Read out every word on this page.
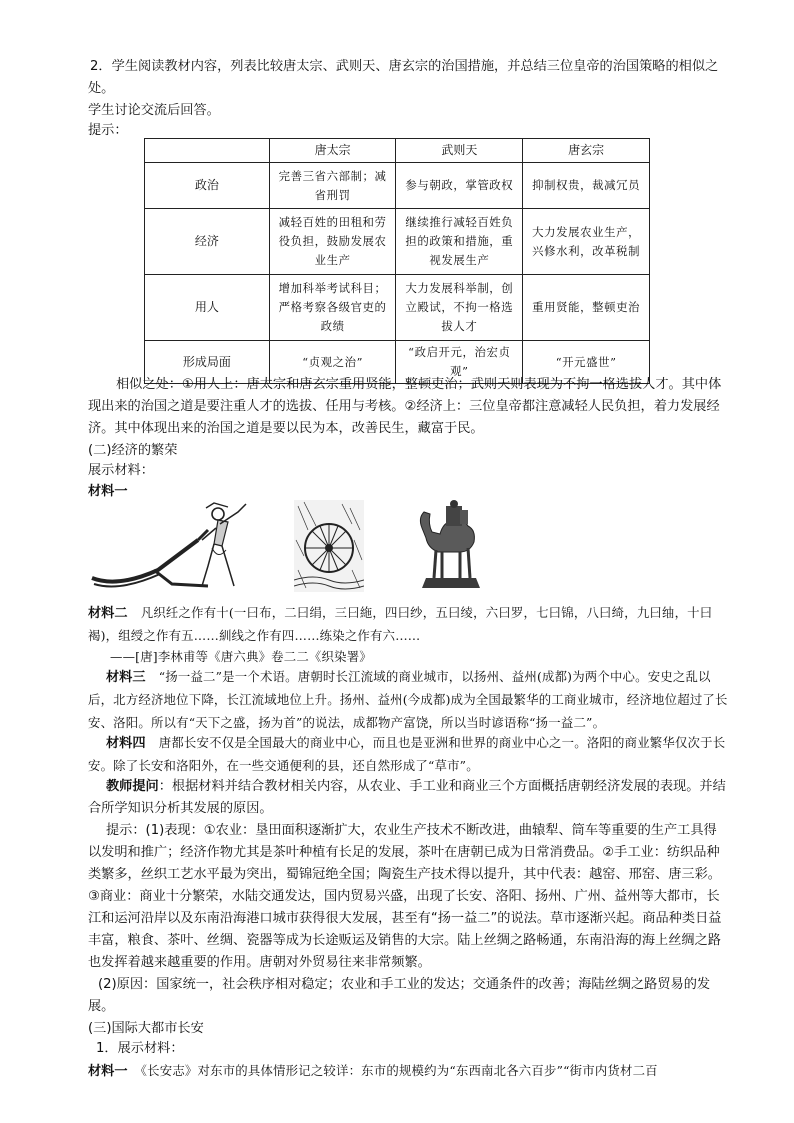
2．学生阅读教材内容，列表比较唐太宗、武则天、唐玄宗的治国措施，并总结三位皇帝的治国策略的相似之处。

学生讨论交流后回答。

提示：

	唐太宗	武则天	唐玄宗
政治	完善三省六部制；减省刑罚	参与朝政，掌管政权	抑制权贵，裁减冗员
经济	减轻百姓的田租和劳役负担，鼓励发展农业生产	继续推行减轻百姓负担的政策和措施，重视发展生产	大力发展农业生产，兴修水利，改革税制
用人	增加科举考试科目；严格考察各级官吏的政绩	大力发展科举制，创立殿试，不拘一格选拔人才	重用贤能，整顿吏治
形成局面	“贞观之治”	“政启开元，治宏贞观”	“开元盛世”

相似之处：①用人上：唐太宗和唐玄宗重用贤能，整顿吏治；武则天则表现为不拘一格选拔人才。其中体现出来的治国之道是要注重人才的选拔、任用与考核。②经济上：三位皇帝都注意减轻人民负担，着力发展经济。其中体现出来的治国之道是要以民为本，改善民生，藏富于民。

(二)经济的繁荣

展示材料：

材料一

材料二　 凡织纴之作有十(一曰布，二曰绢，三曰絁，四曰纱，五曰绫，六曰罗，七曰锦，八曰绮，九曰䌷，十曰褐)，组绶之作有五……紃线之作有四……练染之作有六……

——[唐]李林甫等《唐六典》卷二二《织染署》

材料三　 “扬一益二”是一个术语。唐朝时长江流域的商业城市，以扬州、益州(成都)为两个中心。安史之乱以后，北方经济地位下降，长江流域地位上升。扬州、益州(今成都)成为全国最繁华的工商业城市，经济地位超过了长安、洛阳。所以有“天下之盛，扬为首”的说法，成都物产富饶，所以当时谚语称“扬一益二”。

材料四　 唐都长安不仅是全国最大的商业中心，而且也是亚洲和世界的商业中心之一。洛阳的商业繁华仅次于长安。除了长安和洛阳外，在一些交通便利的县，还自然形成了“草市”。

教师提问：根据材料并结合教材相关内容，从农业、手工业和商业三个方面概括唐朝经济发展的表现。并结合所学知识分析其发展的原因。

提示：(1)表现：①农业：垦田面积逐渐扩大，农业生产技术不断改进，曲辕犁、筒车等重要的生产工具得以发明和推广；经济作物尤其是茶叶种植有长足的发展，茶叶在唐朝已成为日常消费品。②手工业：纺织品种类繁多，丝织工艺水平最为突出，蜀锦冠绝全国；陶瓷生产技术得以提升，其中代表：越窑、邢窑、唐三彩。③商业：商业十分繁荣，水陆交通发达，国内贸易兴盛，出现了长安、洛阳、扬州、广州、益州等大都市，长江和运河沿岸以及东南沿海港口城市获得很大发展，甚至有“扬一益二”的说法。草市逐渐兴起。商品种类日益丰富，粮食、茶叶、丝绸、瓷器等成为长途贩运及销售的大宗。陆上丝绸之路畅通，东南沿海的海上丝绸之路也发挥着越来越重要的作用。唐朝对外贸易往来非常频繁。

(2)原因：国家统一，社会秩序相对稳定；农业和手工业的发达；交通条件的改善；海陆丝绸之路贸易的发展。

(三)国际大都市长安

1．展示材料：

材料一　 《长安志》对东市的具体情形记之较详：东市的规模约为“东西南北各六百步”“街市内货材二百
